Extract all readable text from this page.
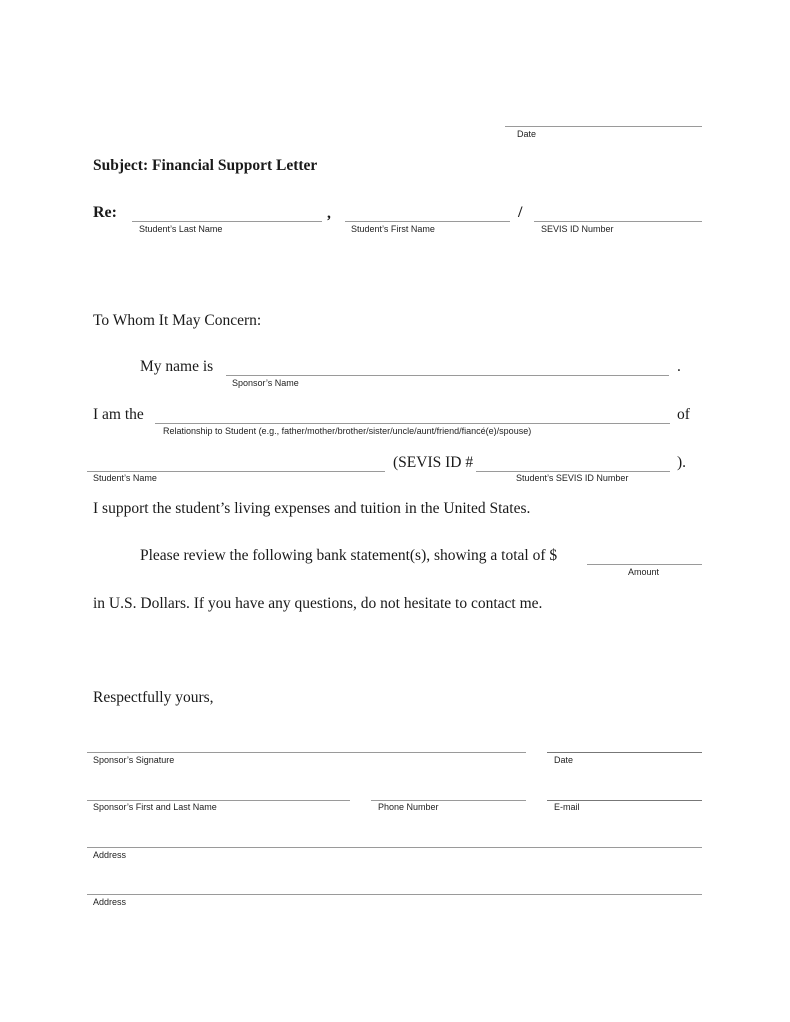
Date
Subject: Financial Support Letter
Re:
Student’s Last Name
,
Student’s First Name
/
SEVIS ID Number
To Whom It May Concern:
My name is
Sponsor’s Name
.
I am the
Relationship to Student (e.g., father/mother/brother/sister/uncle/aunt/friend/fiancé(e)/spouse)
of
Student’s Name
(SEVIS ID #
Student’s SEVIS ID Number
).
I support the student’s living expenses and tuition in the United States.
Please review the following bank statement(s), showing a total of $
Amount
in U.S. Dollars. If you have any questions, do not hesitate to contact me.
Respectfully yours,
Sponsor’s Signature	Date
Sponsor’s First and Last Name	Phone Number	E-mail
Address
Address
